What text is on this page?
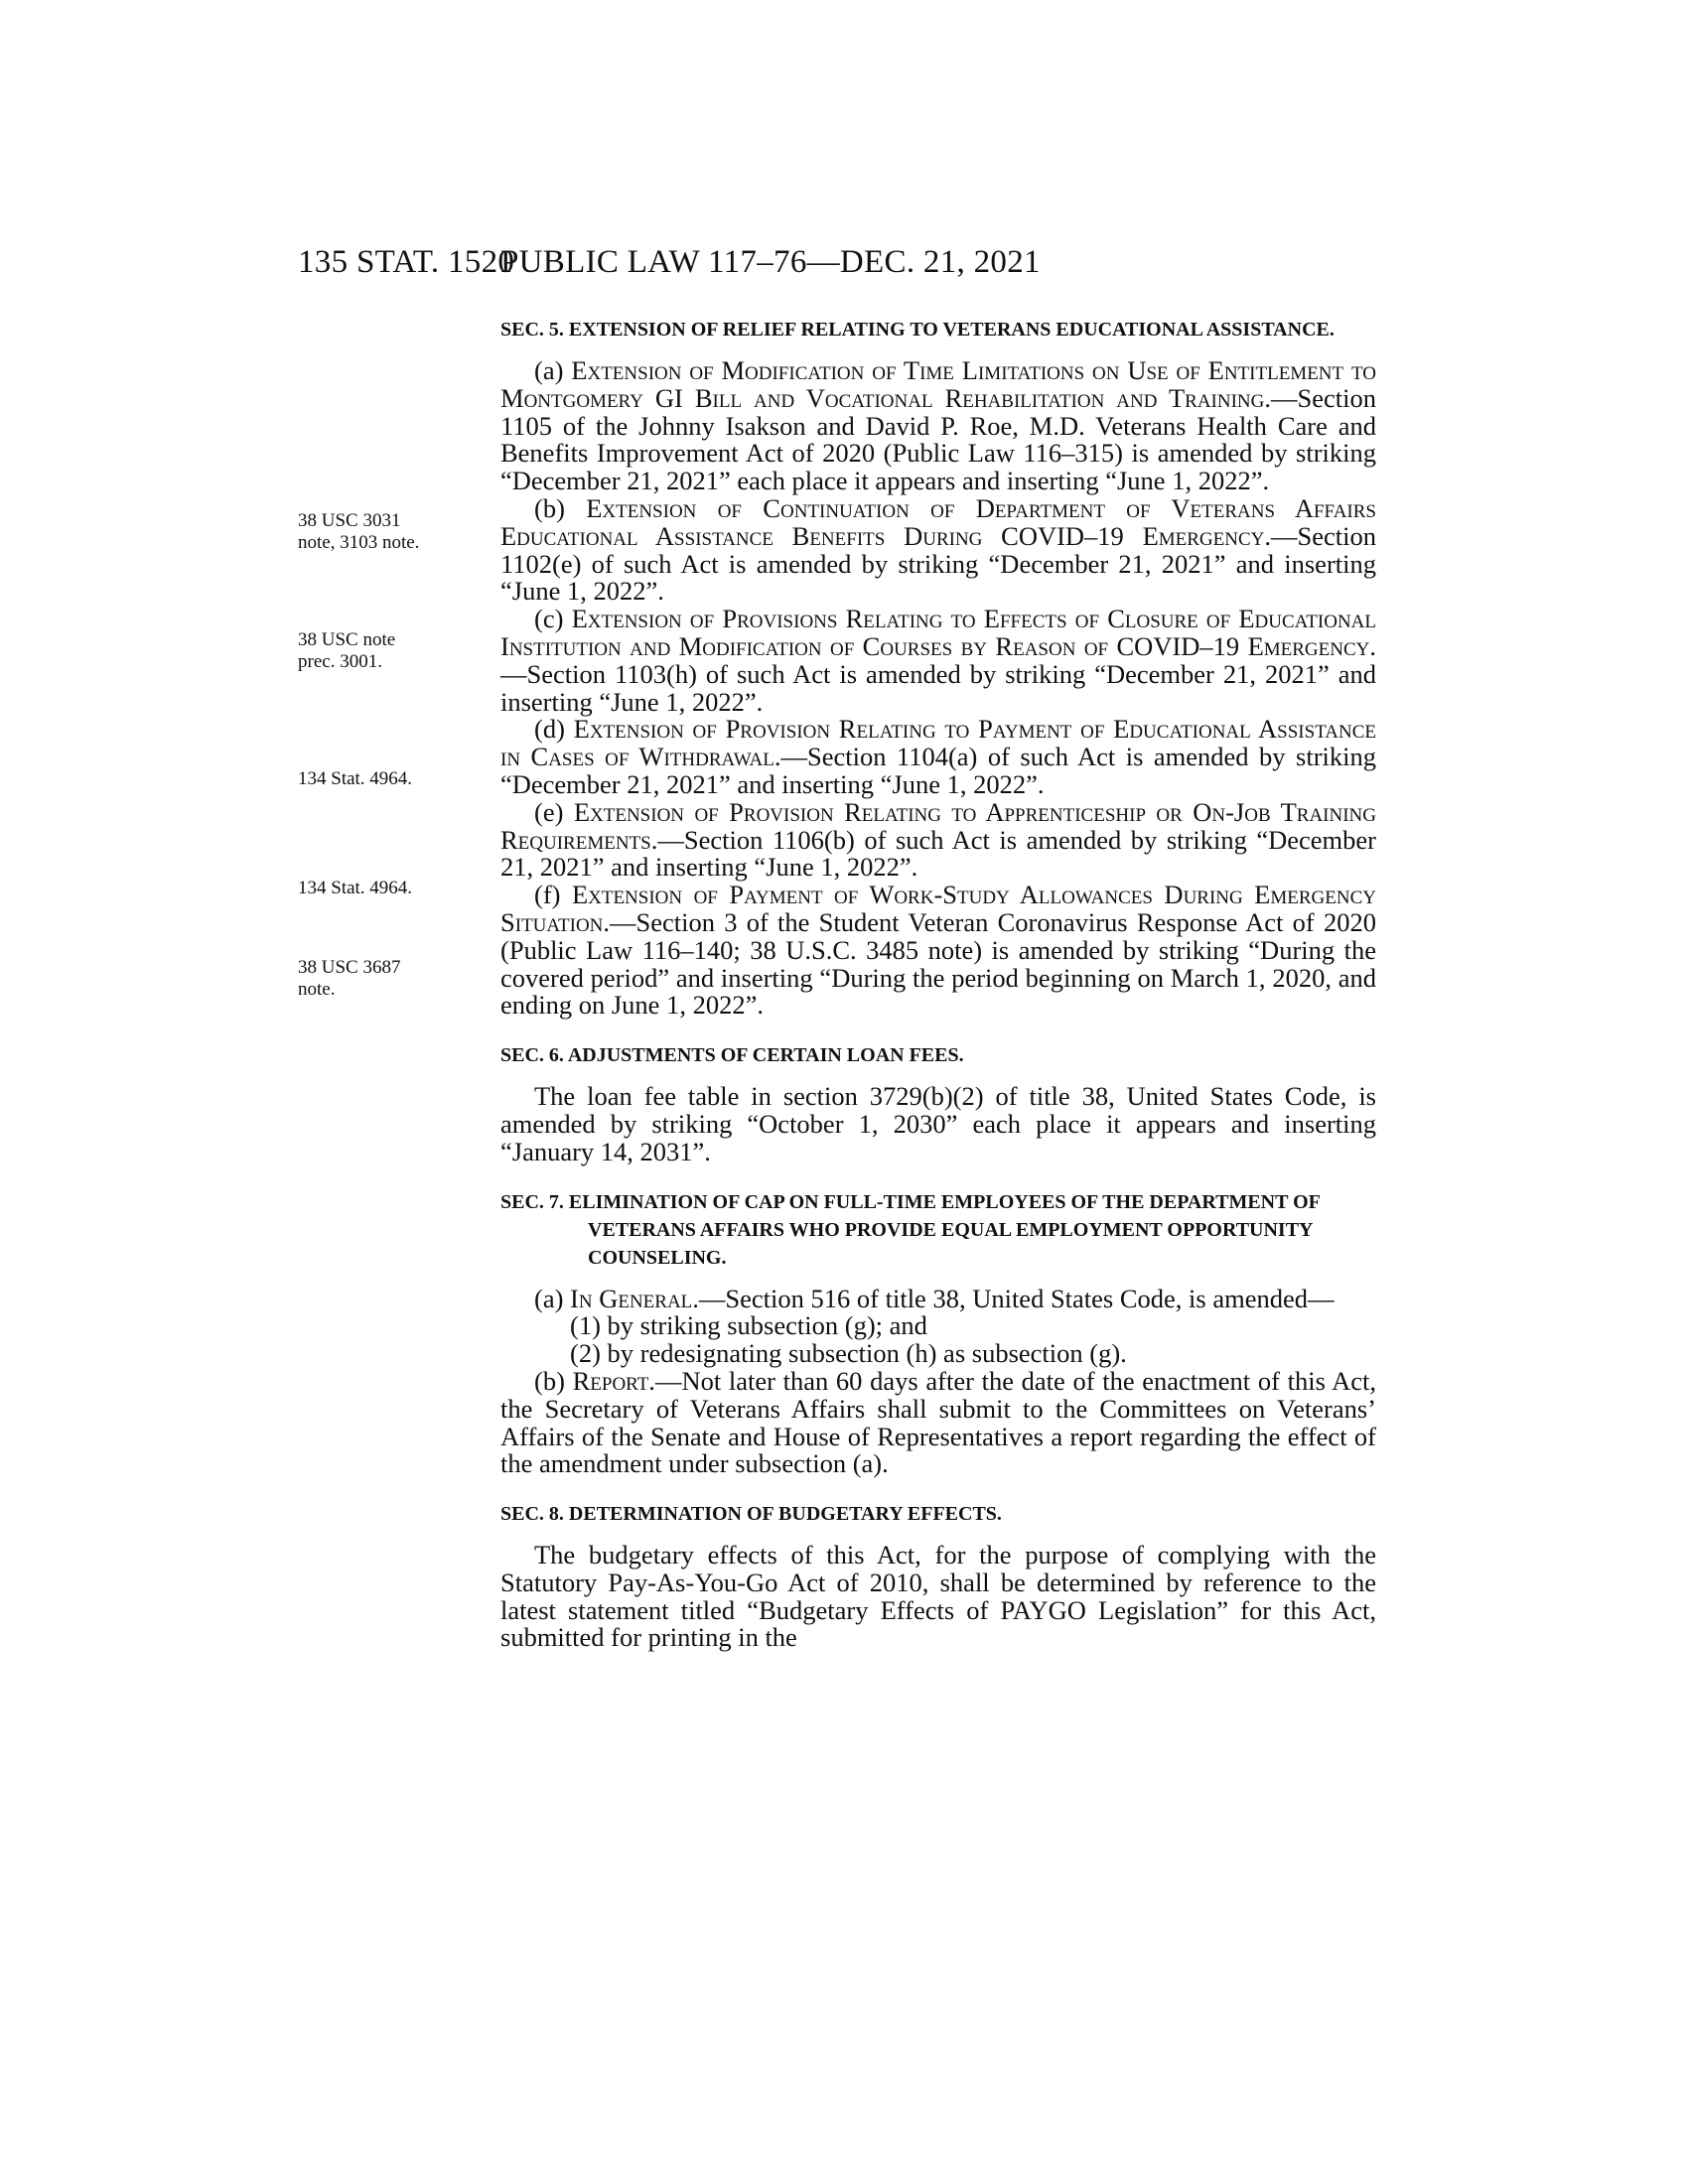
135 STAT. 1520
PUBLIC LAW 117–76—DEC. 21, 2021
38 USC 3031
note, 3103 note.
38 USC note
prec. 3001.
134 Stat. 4964.
134 Stat. 4964.
38 USC 3687
note.

SEC. 5. EXTENSION OF RELIEF RELATING TO VETERANS EDUCATIONAL ASSISTANCE.

(a) Extension of Modification of Time Limitations on Use of Entitlement to Montgomery GI Bill and Vocational Rehabilitation and Training.—Section 1105 of the Johnny Isakson and David P. Roe, M.D. Veterans Health Care and Benefits Improvement Act of 2020 (Public Law 116–315) is amended by striking “December 21, 2021” each place it appears and inserting “June 1, 2022”.

(b) Extension of Continuation of Department of Veterans Affairs Educational Assistance Benefits During COVID–19 Emergency.—Section 1102(e) of such Act is amended by striking “December 21, 2021” and inserting “June 1, 2022”.

(c) Extension of Provisions Relating to Effects of Closure of Educational Institution and Modification of Courses by Reason of COVID–19 Emergency.—Section 1103(h) of such Act is amended by striking “December 21, 2021” and inserting “June 1, 2022”.

(d) Extension of Provision Relating to Payment of Educational Assistance in Cases of Withdrawal.—Section 1104(a) of such Act is amended by striking “December 21, 2021” and inserting “June 1, 2022”.

(e) Extension of Provision Relating to Apprenticeship or On-Job Training Requirements.—Section 1106(b) of such Act is amended by striking “December 21, 2021” and inserting “June 1, 2022”.

(f) Extension of Payment of Work-Study Allowances During Emergency Situation.—Section 3 of the Student Veteran Coronavirus Response Act of 2020 (Public Law 116–140; 38 U.S.C. 3485 note) is amended by striking “During the covered period” and inserting “During the period beginning on March 1, 2020, and ending on June 1, 2022”.

SEC. 6. ADJUSTMENTS OF CERTAIN LOAN FEES.

The loan fee table in section 3729(b)(2) of title 38, United States Code, is amended by striking “October 1, 2030” each place it appears and inserting “January 14, 2031”.

SEC. 7. ELIMINATION OF CAP ON FULL-TIME EMPLOYEES OF THE DEPARTMENT OF VETERANS AFFAIRS WHO PROVIDE EQUAL EMPLOYMENT OPPORTUNITY COUNSELING.

(a) In General.—Section 516 of title 38, United States Code, is amended—

(1) by striking subsection (g); and

(2) by redesignating subsection (h) as subsection (g).

(b) Report.—Not later than 60 days after the date of the enactment of this Act, the Secretary of Veterans Affairs shall submit to the Committees on Veterans’ Affairs of the Senate and House of Representatives a report regarding the effect of the amendment under subsection (a).

SEC. 8. DETERMINATION OF BUDGETARY EFFECTS.

The budgetary effects of this Act, for the purpose of complying with the Statutory Pay-As-You-Go Act of 2010, shall be determined by reference to the latest statement titled “Budgetary Effects of PAYGO Legislation” for this Act, submitted for printing in the
